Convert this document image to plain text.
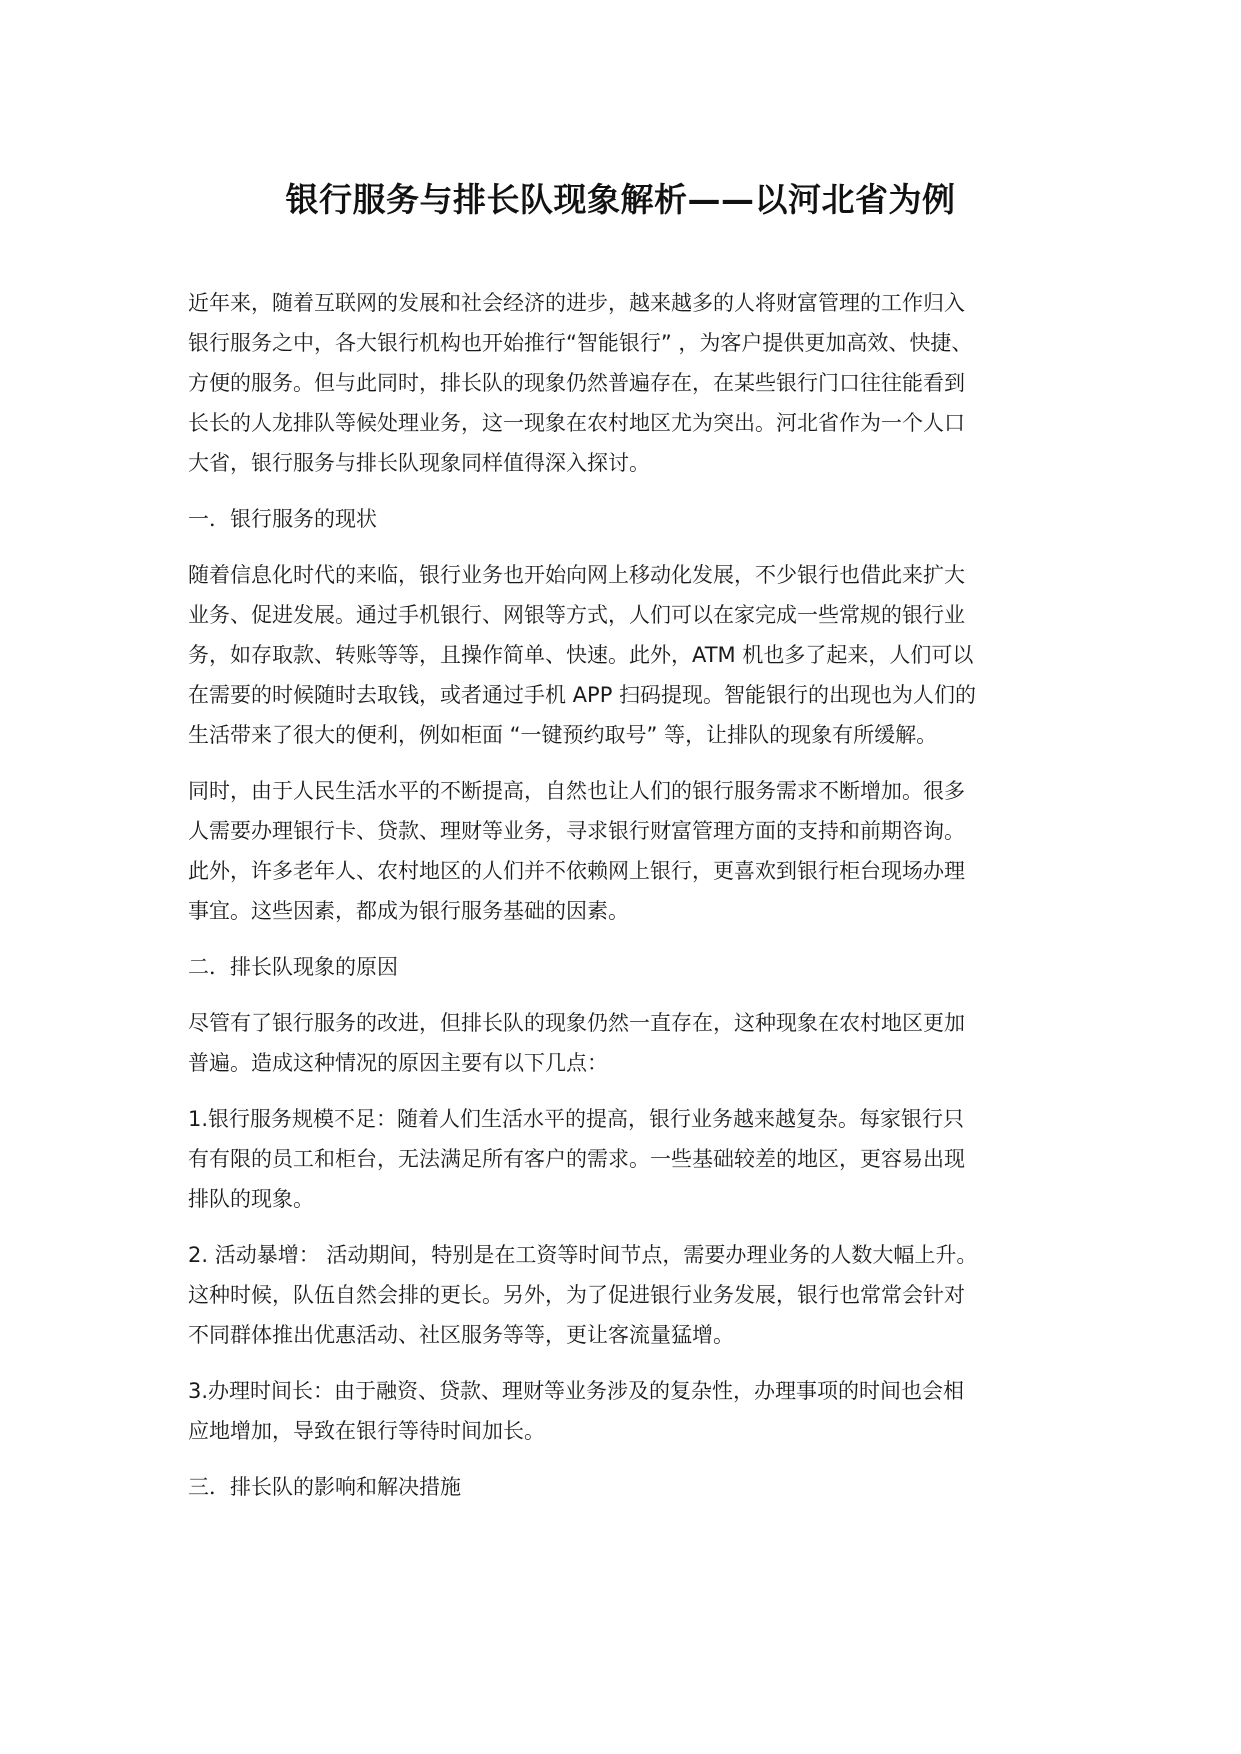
银行服务与排长队现象解析——以河北省为例

近年来，随着互联网的发展和社会经济的进步，越来越多的人将财富管理的工作归入
银行服务之中，各大银行机构也开始推行“智能银行” ，为客户提供更加高效、快捷、
方便的服务。但与此同时，排长队的现象仍然普遍存在，在某些银行门口往往能看到
长长的人龙排队等候处理业务，这一现象在农村地区尤为突出。河北省作为一个人口
大省，银行服务与排长队现象同样值得深入探讨。

一．银行服务的现状

随着信息化时代的来临，银行业务也开始向网上移动化发展，不少银行也借此来扩大
业务、促进发展。通过手机银行、网银等方式，人们可以在家完成一些常规的银行业
务，如存取款、转账等等，且操作简单、快速。此外，ATM 机也多了起来，人们可以
在需要的时候随时去取钱，或者通过手机 APP 扫码提现。智能银行的出现也为人们的
生活带来了很大的便利，例如柜面 “一键预约取号” 等，让排队的现象有所缓解。

同时，由于人民生活水平的不断提高，自然也让人们的银行服务需求不断增加。很多
人需要办理银行卡、贷款、理财等业务，寻求银行财富管理方面的支持和前期咨询。
此外，许多老年人、农村地区的人们并不依赖网上银行，更喜欢到银行柜台现场办理
事宜。这些因素，都成为银行服务基础的因素。

二．排长队现象的原因

尽管有了银行服务的改进，但排长队的现象仍然一直存在，这种现象在农村地区更加
普遍。造成这种情况的原因主要有以下几点：

1.银行服务规模不足：随着人们生活水平的提高，银行业务越来越复杂。每家银行只
有有限的员工和柜台，无法满足所有客户的需求。一些基础较差的地区，更容易出现
排队的现象。

2. 活动暴增： 活动期间，特别是在工资等时间节点，需要办理业务的人数大幅上升。
这种时候，队伍自然会排的更长。另外，为了促进银行业务发展，银行也常常会针对
不同群体推出优惠活动、社区服务等等，更让客流量猛增。

3.办理时间长：由于融资、贷款、理财等业务涉及的复杂性，办理事项的时间也会相
应地增加，导致在银行等待时间加长。

三．排长队的影响和解决措施
